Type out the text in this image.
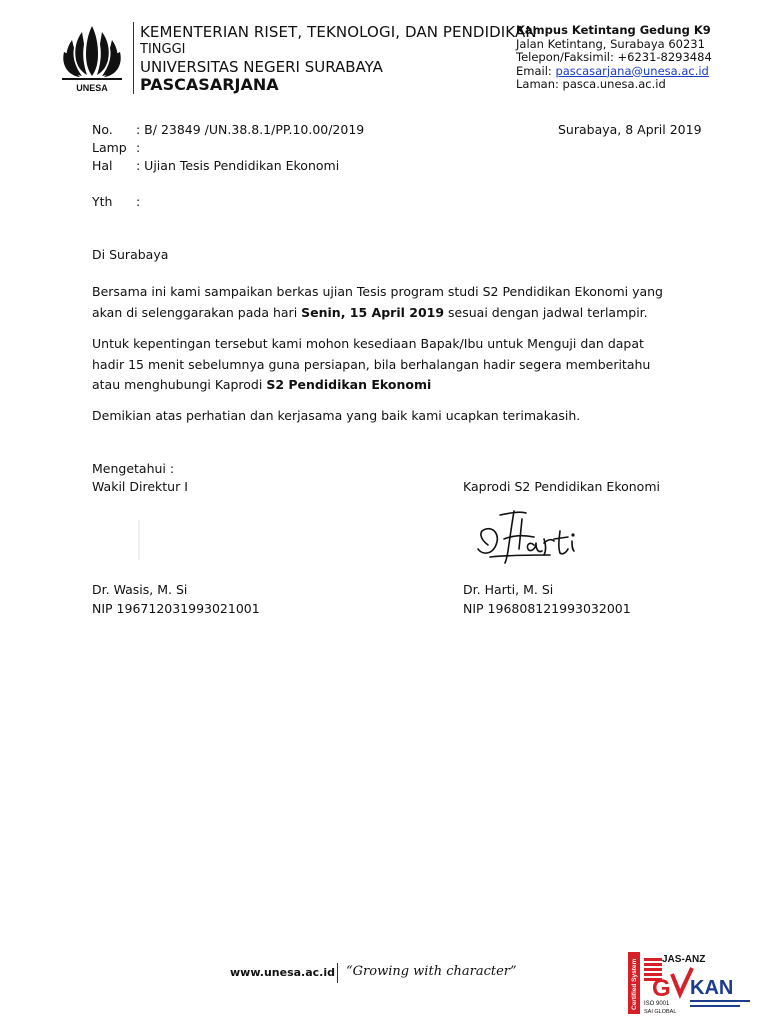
UNESA
KEMENTERIAN RISET, TEKNOLOGI, DAN PENDIDIKAN
TINGGI
UNIVERSITAS NEGERI SURABAYA
PASCASARJANA
Kampus Ketintang Gedung K9
Jalan Ketintang, Surabaya 60231
Telepon/Faksimil: +6231-8293484
Email: pascasarjana@unesa.ac.id
Laman: pasca.unesa.ac.id
No. : B/ 23849 /UN.38.8.1/PP.10.00/2019	Surabaya, 8 April 2019
Lamp :
Hal : Ujian Tesis Pendidikan Ekonomi
Yth :
Di Surabaya
Bersama ini kami sampaikan berkas ujian Tesis program studi S2 Pendidikan Ekonomi yang
akan di selenggarakan pada hari Senin, 15 April 2019 sesuai dengan jadwal terlampir.
Untuk kepentingan tersebut kami mohon kesediaan Bapak/Ibu untuk Menguji dan dapat
hadir 15 menit sebelumnya guna persiapan, bila berhalangan hadir segera memberitahu
atau menghubungi Kaprodi S2 Pendidikan Ekonomi
Demikian atas perhatian dan kerjasama yang baik kami ucapkan terimakasih.
Mengetahui :
Wakil Direktur I	Kaprodi S2 Pendidikan Ekonomi
Dr. Wasis, M. Si
NIP 196712031993021001
Dr. Harti, M. Si
NIP 196808121993032001
www.unesa.ac.id “Growing with character”	Certified System JAS-ANZ
G KAN
ISO 9001
SAI GLOBAL
